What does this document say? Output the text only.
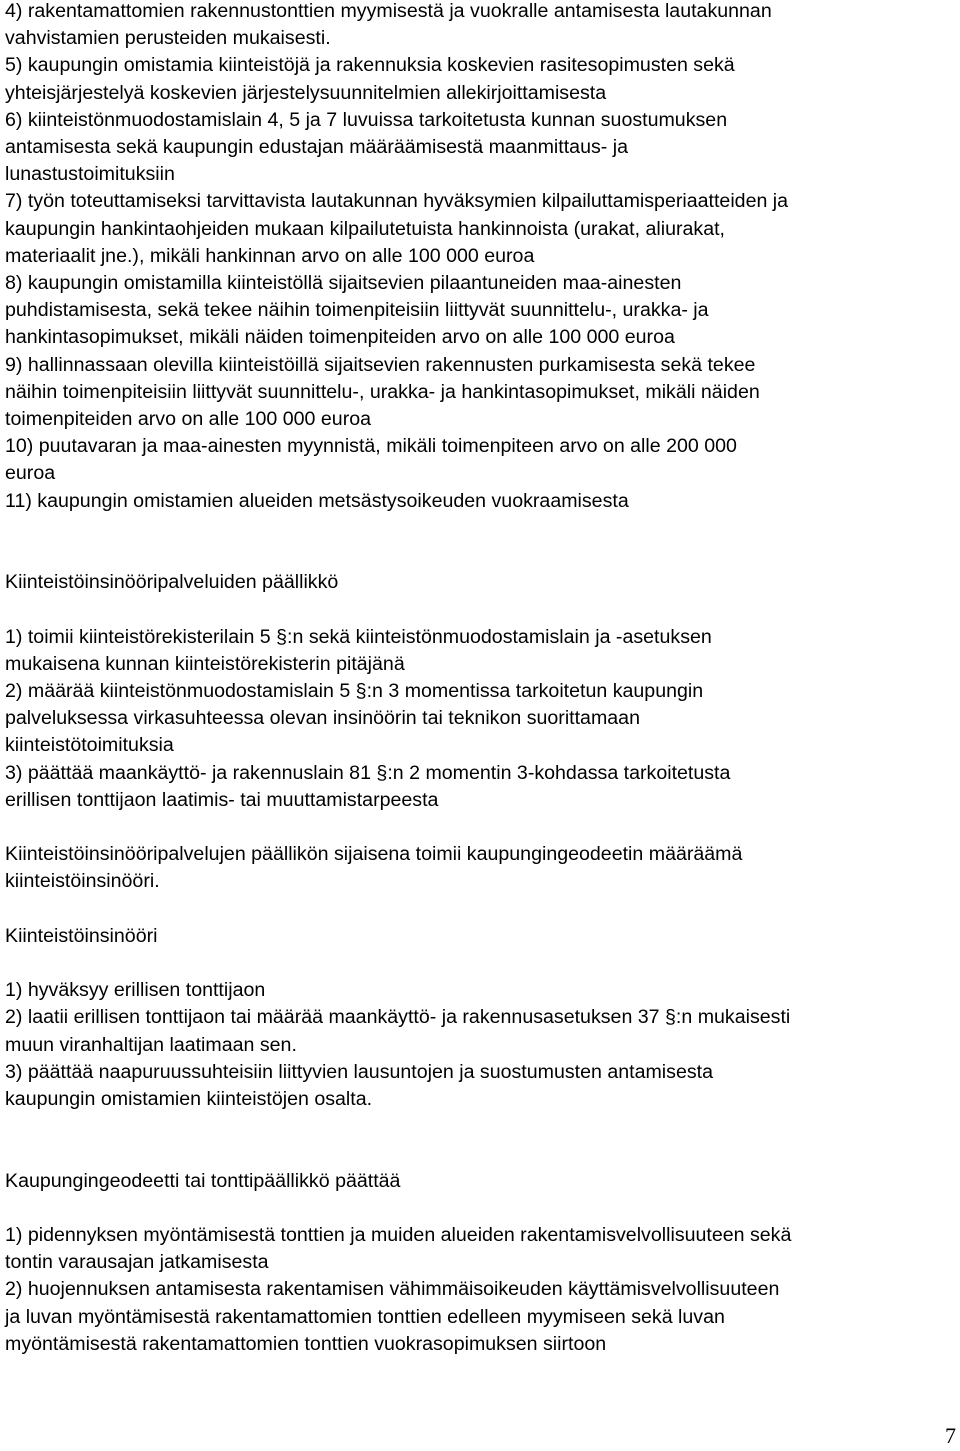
4) rakentamattomien rakennustonttien myymisestä ja vuokralle antamisesta lautakunnan

vahvistamien perusteiden mukaisesti.

5) kaupungin omistamia kiinteistöjä ja rakennuksia koskevien rasitesopimusten sekä

yhteisjärjestelyä koskevien järjestelysuunnitelmien allekirjoittamisesta

6) kiinteistönmuodostamislain 4, 5 ja 7 luvuissa tarkoitetusta kunnan suostumuksen

antamisesta sekä kaupungin edustajan määräämisestä maanmittaus- ja

lunastustoimituksiin

7) työn toteuttamiseksi tarvittavista lautakunnan hyväksymien kilpailuttamisperiaatteiden ja

kaupungin hankintaohjeiden mukaan kilpailutetuista hankinnoista (urakat, aliurakat,

materiaalit jne.), mikäli hankinnan arvo on alle 100 000 euroa

8) kaupungin omistamilla kiinteistöllä sijaitsevien pilaantuneiden maa-ainesten

puhdistamisesta, sekä tekee näihin toimenpiteisiin liittyvät suunnittelu-, urakka- ja

hankintasopimukset, mikäli näiden toimenpiteiden arvo on alle 100 000 euroa

9) hallinnassaan olevilla kiinteistöillä sijaitsevien rakennusten purkamisesta sekä tekee

näihin toimenpiteisiin liittyvät suunnittelu-, urakka- ja hankintasopimukset, mikäli näiden

toimenpiteiden arvo on alle 100 000 euroa

10) puutavaran ja maa-ainesten myynnistä, mikäli toimenpiteen arvo on alle 200 000

euroa

11) kaupungin omistamien alueiden metsästysoikeuden vuokraamisesta

Kiinteistöinsinööripalveluiden päällikkö

1) toimii kiinteistörekisterilain 5 §:n sekä kiinteistönmuodostamislain ja -asetuksen

mukaisena kunnan kiinteistörekisterin pitäjänä

2) määrää kiinteistönmuodostamislain 5 §:n 3 momentissa tarkoitetun kaupungin

palveluksessa virkasuhteessa olevan insinöörin tai teknikon suorittamaan

kiinteistötoimituksia

3) päättää maankäyttö- ja rakennuslain 81 §:n 2 momentin 3-kohdassa tarkoitetusta

erillisen tonttijaon laatimis- tai muuttamistarpeesta

Kiinteistöinsinööripalvelujen päällikön sijaisena toimii kaupungingeodeetin määräämä

kiinteistöinsinööri.

Kiinteistöinsinööri

1) hyväksyy erillisen tonttijaon

2) laatii erillisen tonttijaon tai määrää maankäyttö- ja rakennusasetuksen 37 §:n mukaisesti

muun viranhaltijan laatimaan sen.

3) päättää naapuruussuhteisiin liittyvien lausuntojen ja suostumusten antamisesta

kaupungin omistamien kiinteistöjen osalta.

Kaupungingeodeetti tai tonttipäällikkö päättää

1) pidennyksen myöntämisestä tonttien ja muiden alueiden rakentamisvelvollisuuteen sekä

tontin varausajan jatkamisesta

2) huojennuksen antamisesta rakentamisen vähimmäisoikeuden käyttämisvelvollisuuteen

ja luvan myöntämisestä rakentamattomien tonttien edelleen myymiseen sekä luvan

myöntämisestä rakentamattomien tonttien vuokrasopimuksen siirtoon

7
